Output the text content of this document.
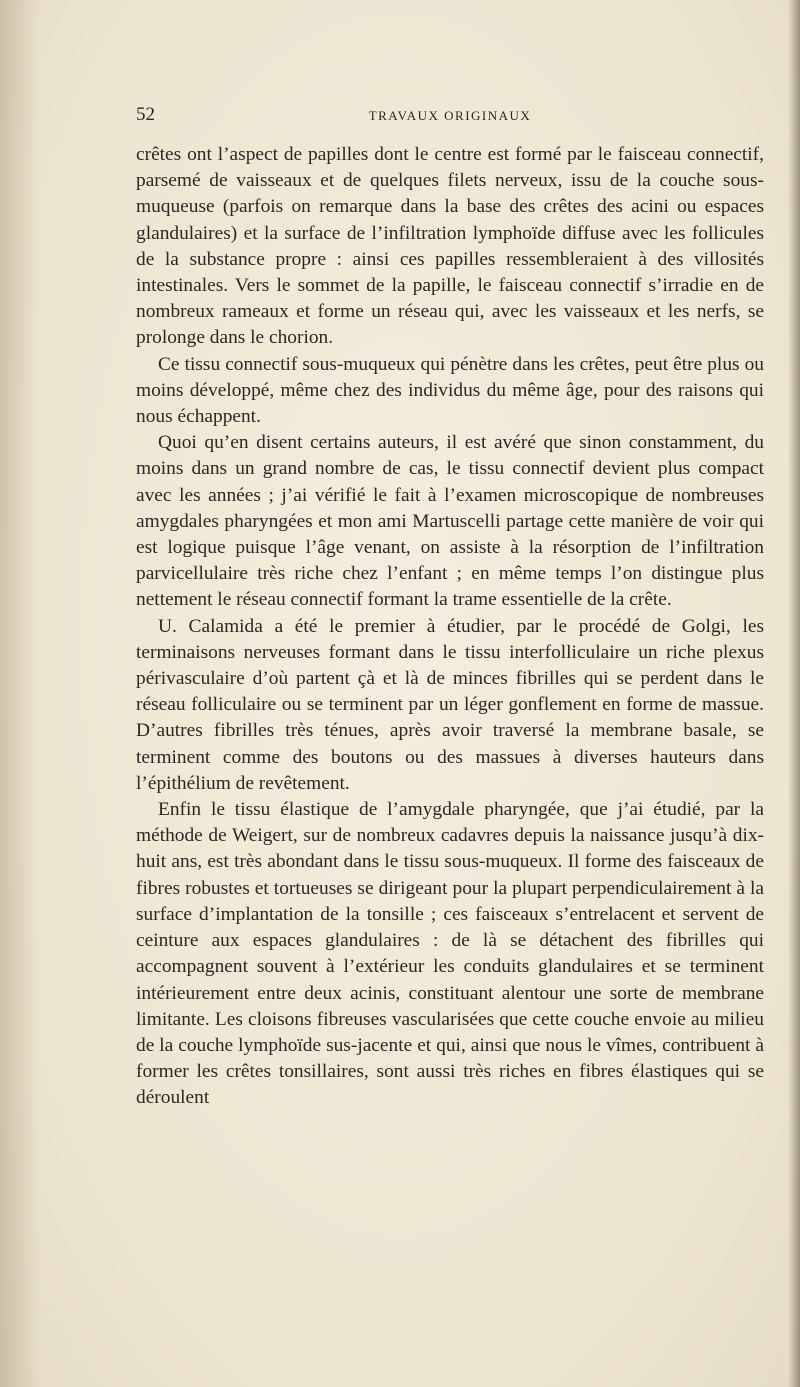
52	TRAVAUX ORIGINAUX

crêtes ont l’aspect de papilles dont le centre est formé par le faisceau connectif, parsemé de vaisseaux et de quelques filets nerveux, issu de la couche sous-muqueuse (parfois on remarque dans la base des crêtes des acini ou espaces glandulaires) et la surface de l’infiltration lymphoïde diffuse avec les follicules de la substance propre : ainsi ces papilles ressembleraient à des villosités intestinales. Vers le sommet de la papille, le faisceau connectif s’irradie en de nombreux rameaux et forme un réseau qui, avec les vaisseaux et les nerfs, se prolonge dans le chorion.

Ce tissu connectif sous-muqueux qui pénètre dans les crêtes, peut être plus ou moins développé, même chez des individus du même âge, pour des raisons qui nous échappent.

Quoi qu’en disent certains auteurs, il est avéré que sinon constamment, du moins dans un grand nombre de cas, le tissu connectif devient plus compact avec les années ; j’ai vérifié le fait à l’examen microscopique de nombreuses amygdales pharyngées et mon ami Martuscelli partage cette manière de voir qui est logique puisque l’âge venant, on assiste à la résorption de l’infiltration parvicellulaire très riche chez l’enfant ; en même temps l’on distingue plus nettement le réseau connectif formant la trame essentielle de la crête.

U. Calamida a été le premier à étudier, par le procédé de Golgi, les terminaisons nerveuses formant dans le tissu interfolliculaire un riche plexus périvasculaire d’où partent çà et là de minces fibrilles qui se perdent dans le réseau folliculaire ou se terminent par un léger gonflement en forme de massue. D’autres fibrilles très ténues, après avoir traversé la membrane basale, se terminent comme des boutons ou des massues à diverses hauteurs dans l’épithélium de revêtement.

Enfin le tissu élastique de l’amygdale pharyngée, que j’ai étudié, par la méthode de Weigert, sur de nombreux cadavres depuis la naissance jusqu’à dix-huit ans, est très abondant dans le tissu sous-muqueux. Il forme des faisceaux de fibres robustes et tortueuses se dirigeant pour la plupart perpendiculairement à la surface d’implantation de la tonsille ; ces faisceaux s’entrelacent et servent de ceinture aux espaces glandulaires : de là se détachent des fibrilles qui accompagnent souvent à l’extérieur les conduits glandulaires et se terminent intérieurement entre deux acinis, constituant alentour une sorte de membrane limitante. Les cloisons fibreuses vascularisées que cette couche envoie au milieu de la couche lymphoïde sus-jacente et qui, ainsi que nous le vîmes, contribuent à former les crêtes tonsillaires, sont aussi très riches en fibres élastiques qui se déroulent
